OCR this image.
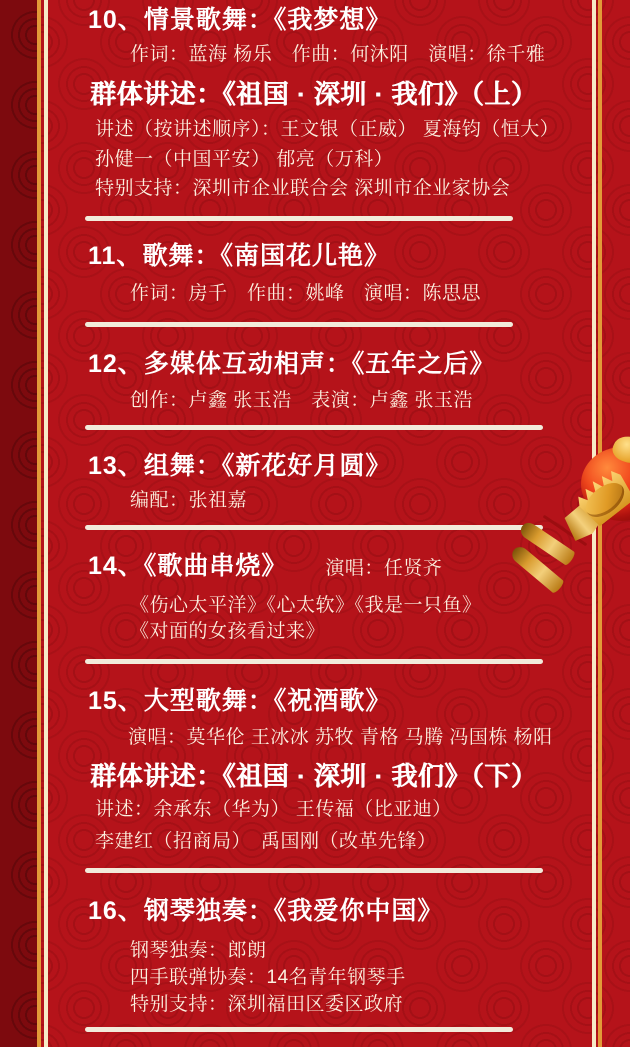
10、情景歌舞：《我梦想》
作词：蓝海 杨乐　作曲：何沐阳　演唱：徐千雅
群体讲述：《祖国 · 深圳 · 我们》（上）
讲述（按讲述顺序）：王文银（正威） 夏海钧（恒大）
孙健一（中国平安） 郁亮（万科）
特别支持：深圳市企业联合会 深圳市企业家协会
11、歌舞：《南国花儿艳》
作词：房千　作曲：姚峰　演唱：陈思思
12、多媒体互动相声：《五年之后》
创作：卢鑫 张玉浩　表演：卢鑫 张玉浩
13、组舞：《新花好月圆》
编配：张祖嘉
14、《歌曲串烧》 演唱：任贤齐
《伤心太平洋》《心太软》《我是一只鱼》
《对面的女孩看过来》
15、大型歌舞：《祝酒歌》
演唱：莫华伦 王冰冰 苏牧 青格 马腾 冯国栋 杨阳
群体讲述：《祖国 · 深圳 · 我们》（下）
讲述：余承东（华为） 王传福（比亚迪）
李建红（招商局）　禹国刚（改革先锋）
16、钢琴独奏：《我爱你中国》
钢琴独奏：郎朗
四手联弹协奏：14名青年钢琴手
特别支持：深圳福田区委区政府
